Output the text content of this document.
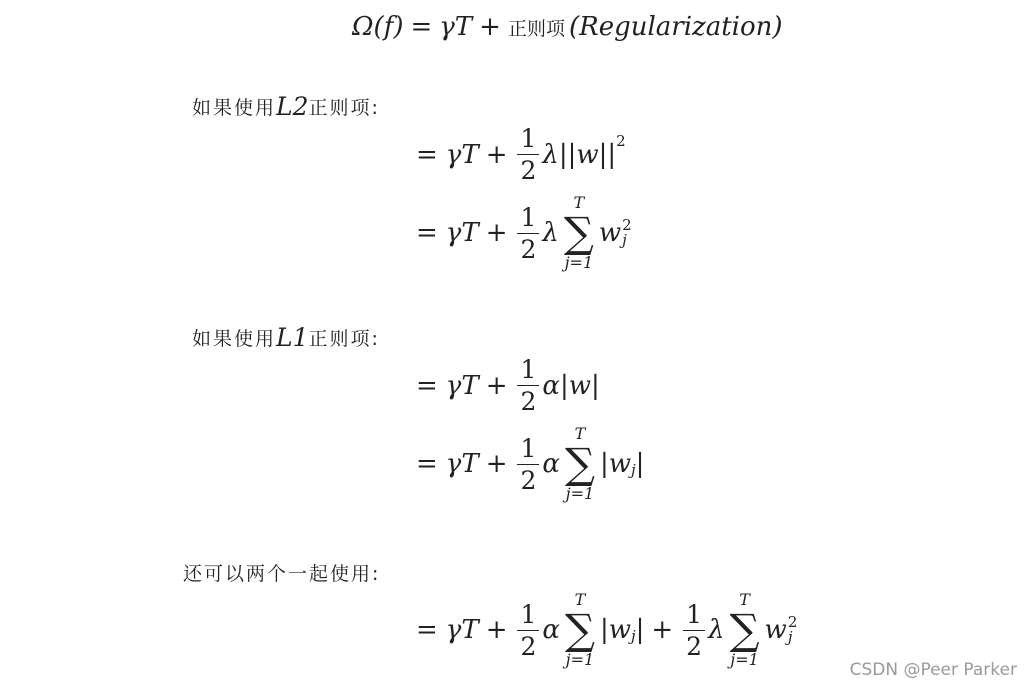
Ω(f) = γT + 正则项 (Regularization)
如果使用 L2 正则项:
= $\gamma T + \frac{1}{2}$ λ $||w||^2$
= $\gamma T + \frac{1}{2}$ λ
T
∑
j=1
w 2
j
如果使用 L1 正则项:
= $\gamma T + \frac{1}{2}$ α |w|
= $\gamma T + \frac{1}{2}$ α
T
∑
j=1
$|w_j$ |
还可以两个一起使用:
= $\gamma T + \frac{1}{2}$ α
T
∑
j=1
$|w_j$ | + $\frac{1}{2}$ λ
T
∑
j=1
w 2
j
CSDN @Peer Parker
